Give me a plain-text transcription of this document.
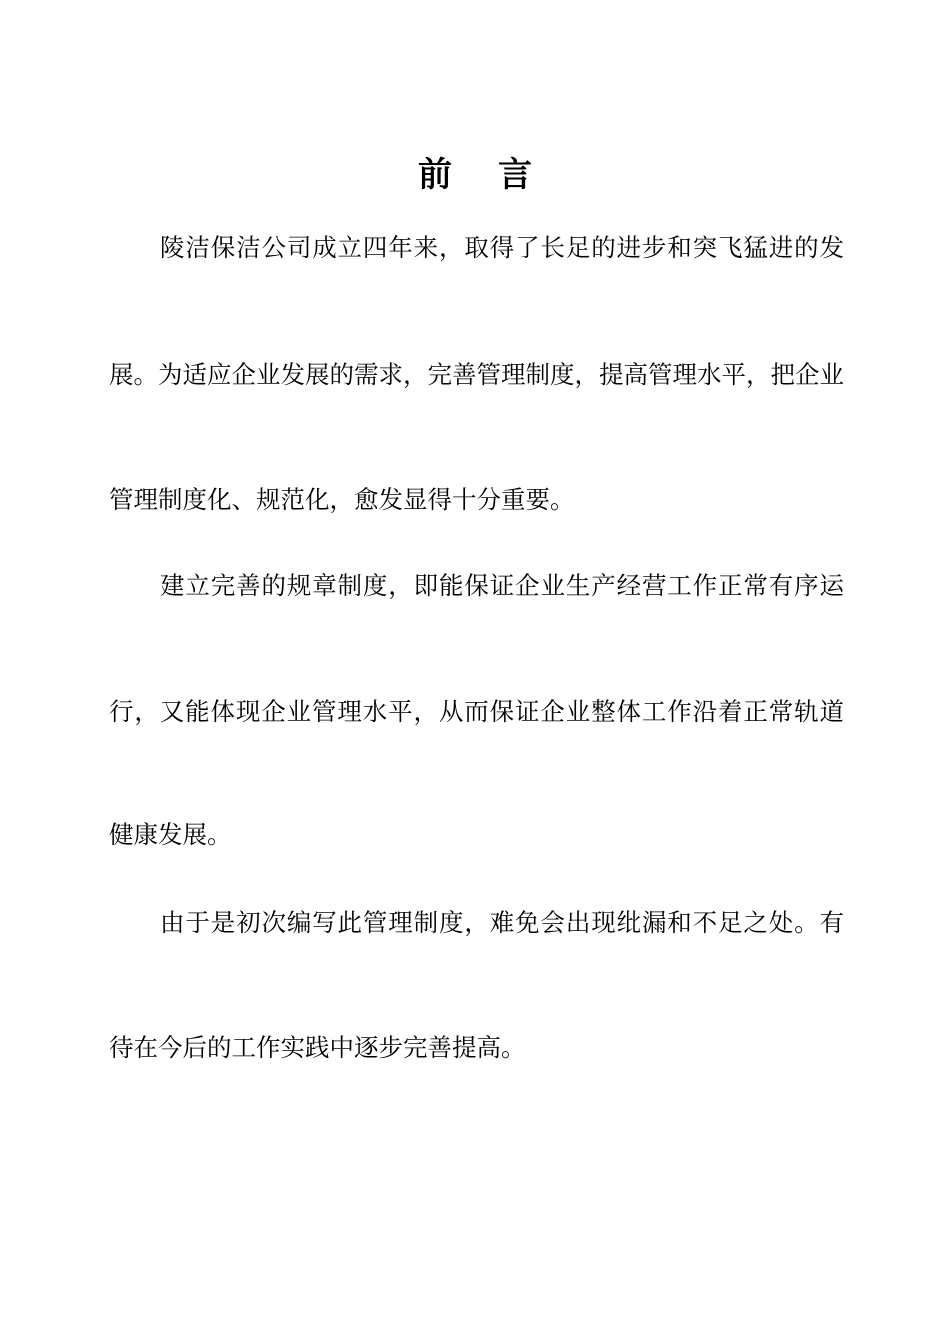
前言

陵洁保洁公司成立四年来，取得了长足的进步和突飞猛进的发

展。为适应企业发展的需求，完善管理制度，提高管理水平，把企业

管理制度化、规范化，愈发显得十分重要。

建立完善的规章制度，即能保证企业生产经营工作正常有序运

行，又能体现企业管理水平，从而保证企业整体工作沿着正常轨道

健康发展。

由于是初次编写此管理制度，难免会出现纰漏和不足之处。有

待在今后的工作实践中逐步完善提高。
